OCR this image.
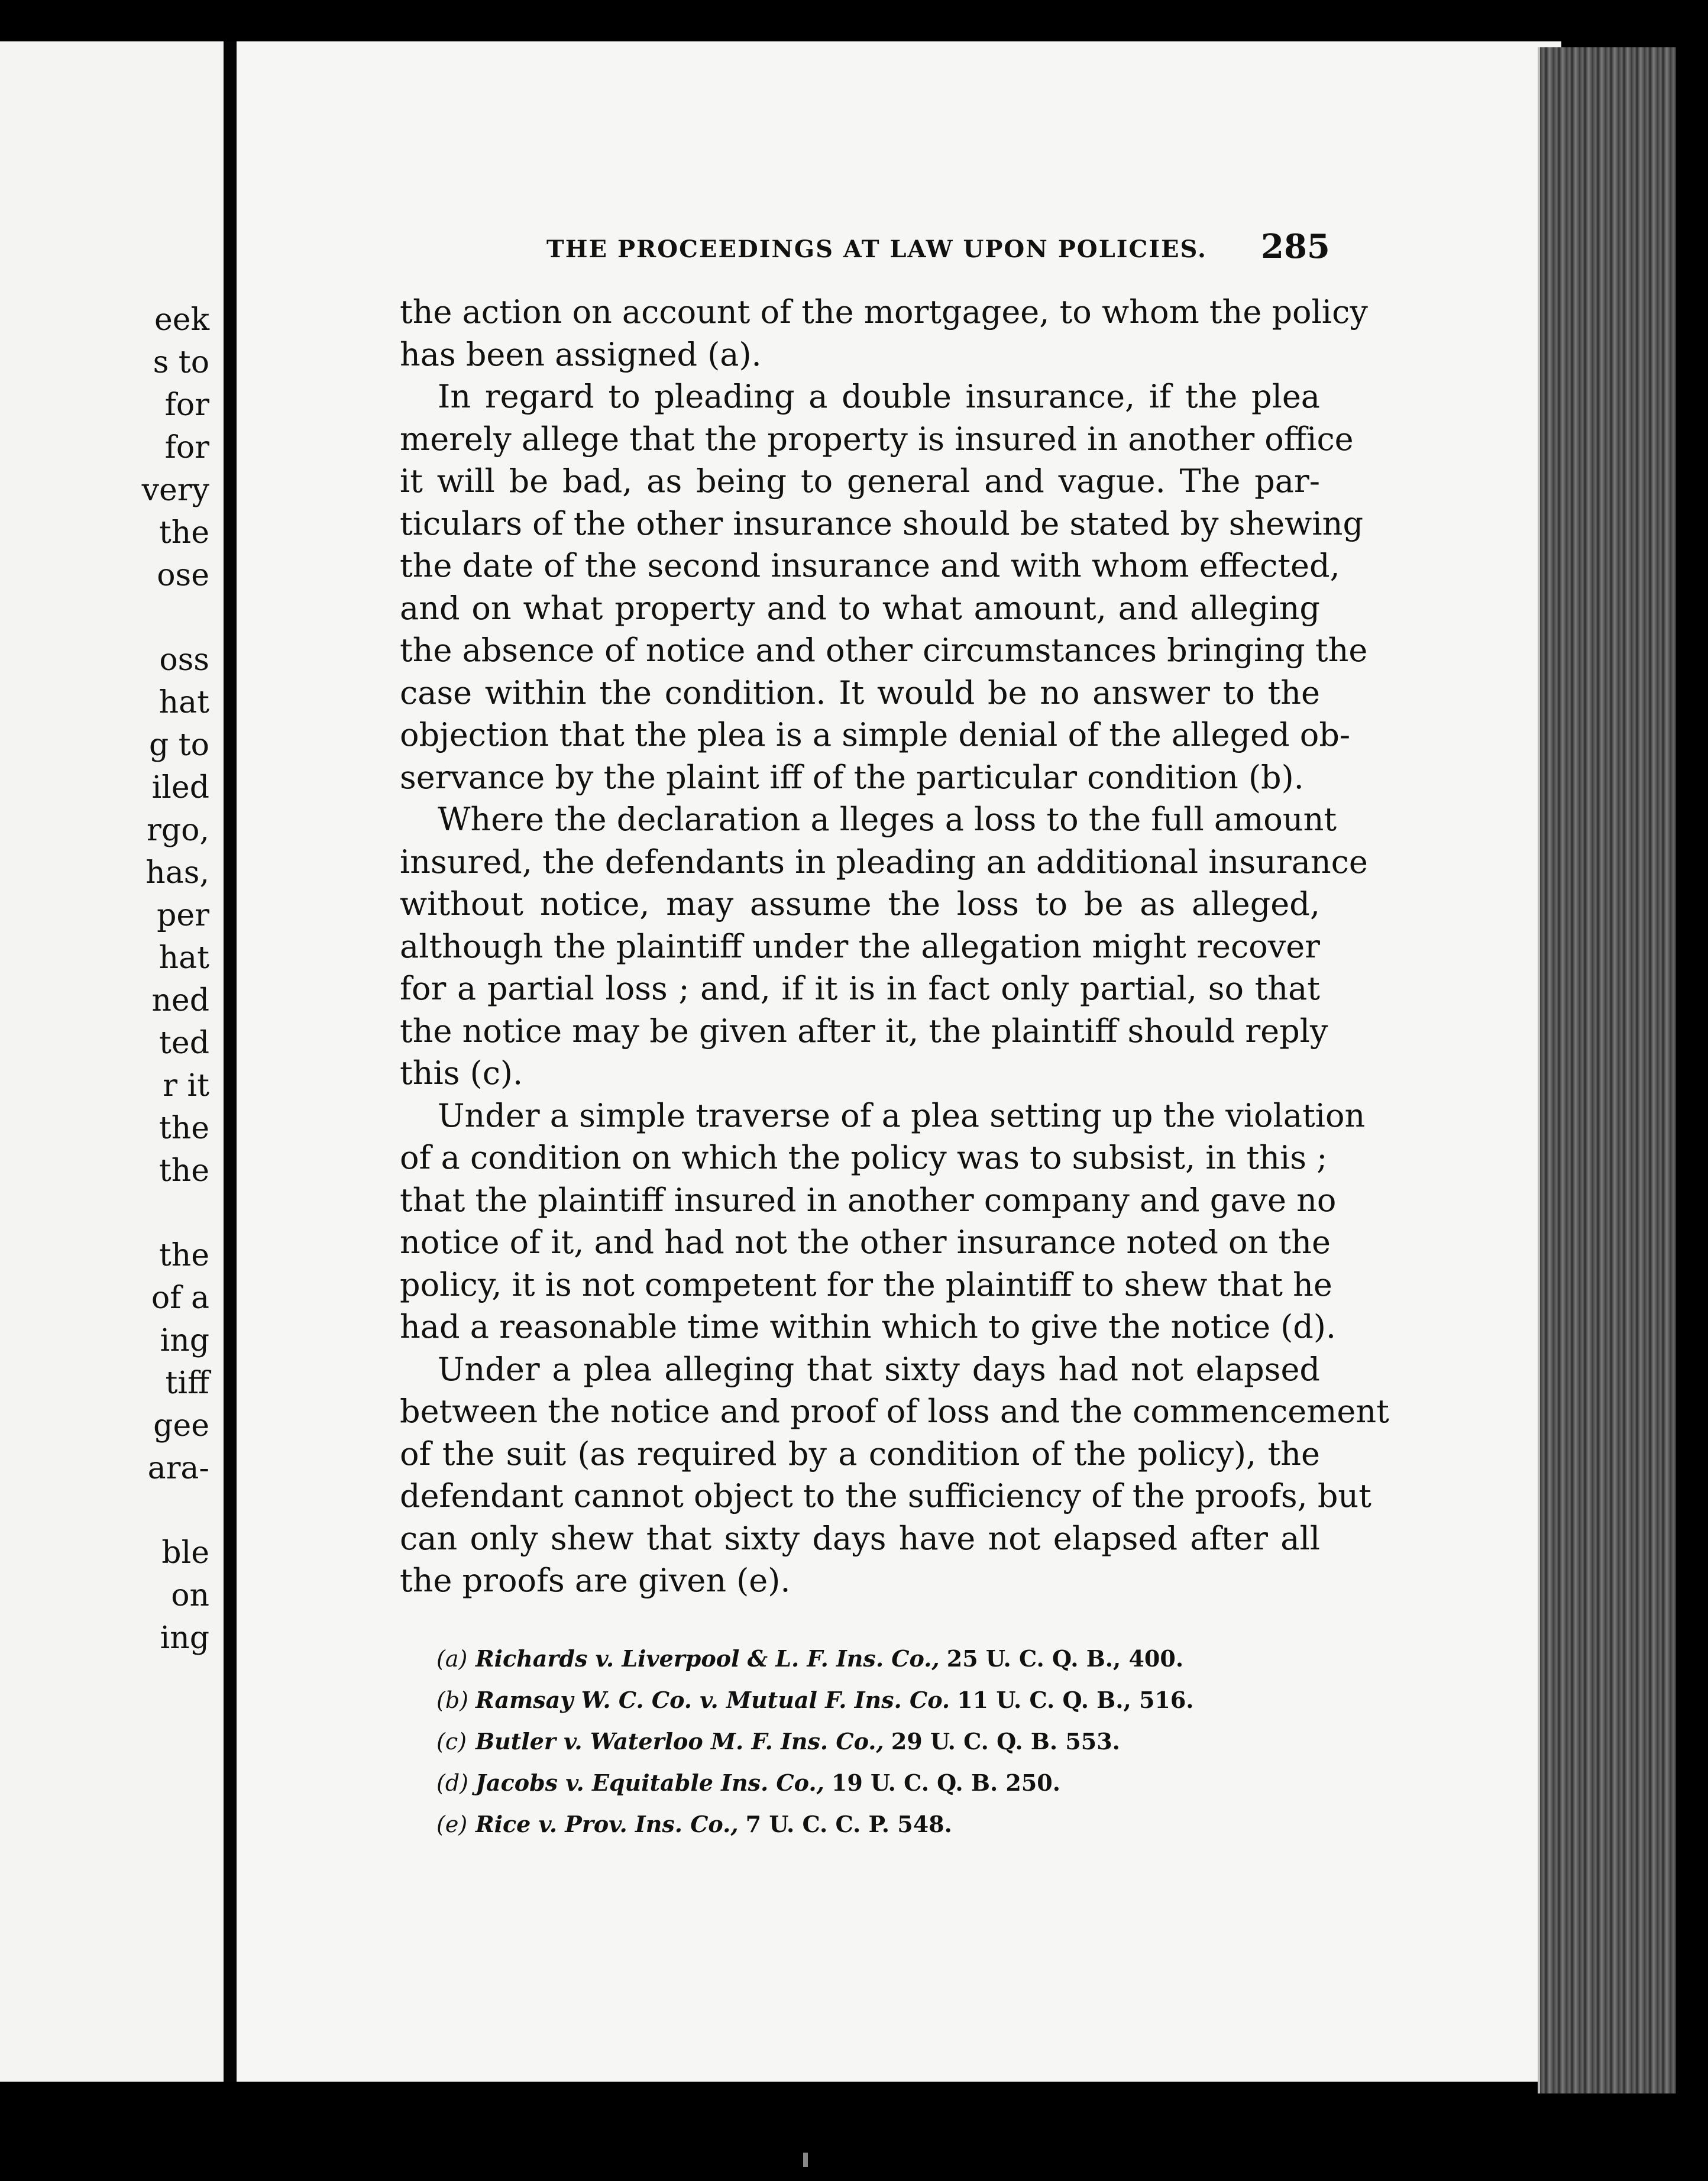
eek
s to
for
for
very
the
ose
oss
hat
g to
iled
rgo,
has,
per
hat
ned
ted
r it
the
the
the
of a
ing
tiff
gee
ara-
ble
on
ing
THE PROCEEDINGS AT LAW UPON POLICIES. 285
the action on account of the mortgagee, to whom the policy
has been assigned (a).
In regard to pleading a double insurance, if the plea
merely allege that the property is insured in another office
it will be bad, as being to general and vague. The par-
ticulars of the other insurance should be stated by shewing
the date of the second insurance and with whom effected,
and on what property and to what amount, and alleging
the absence of notice and other circumstances bringing the
case within the condition. It would be no answer to the
objection that the plea is a simple denial of the alleged ob-
servance by the plaint iff of the particular condition (b).
Where the declaration a lleges a loss to the full amount
insured, the defendants in pleading an additional insurance
without notice, may assume the loss to be as alleged,
although the plaintiff under the allegation might recover
for a partial loss ; and, if it is in fact only partial, so that
the notice may be given after it, the plaintiff should reply
this (c).
Under a simple traverse of a plea setting up the violation
of a condition on which the policy was to subsist, in this ;
that the plaintiff insured in another company and gave no
notice of it, and had not the other insurance noted on the
policy, it is not competent for the plaintiff to shew that he
had a reasonable time within which to give the notice (d).
Under a plea alleging that sixty days had not elapsed
between the notice and proof of loss and the commencement
of the suit (as required by a condition of the policy), the
defendant cannot object to the sufficiency of the proofs, but
can only shew that sixty days have not elapsed after all
the proofs are given (e).
(a) Richards v. Liverpool & L. F. Ins. Co., 25 U. C. Q. B., 400.
(b) Ramsay W. C. Co. v. Mutual F. Ins. Co. 11 U. C. Q. B., 516.
(c) Butler v. Waterloo M. F. Ins. Co., 29 U. C. Q. B. 553.
(d) Jacobs v. Equitable Ins. Co., 19 U. C. Q. B. 250.
(e) Rice v. Prov. Ins. Co., 7 U. C. C. P. 548.
